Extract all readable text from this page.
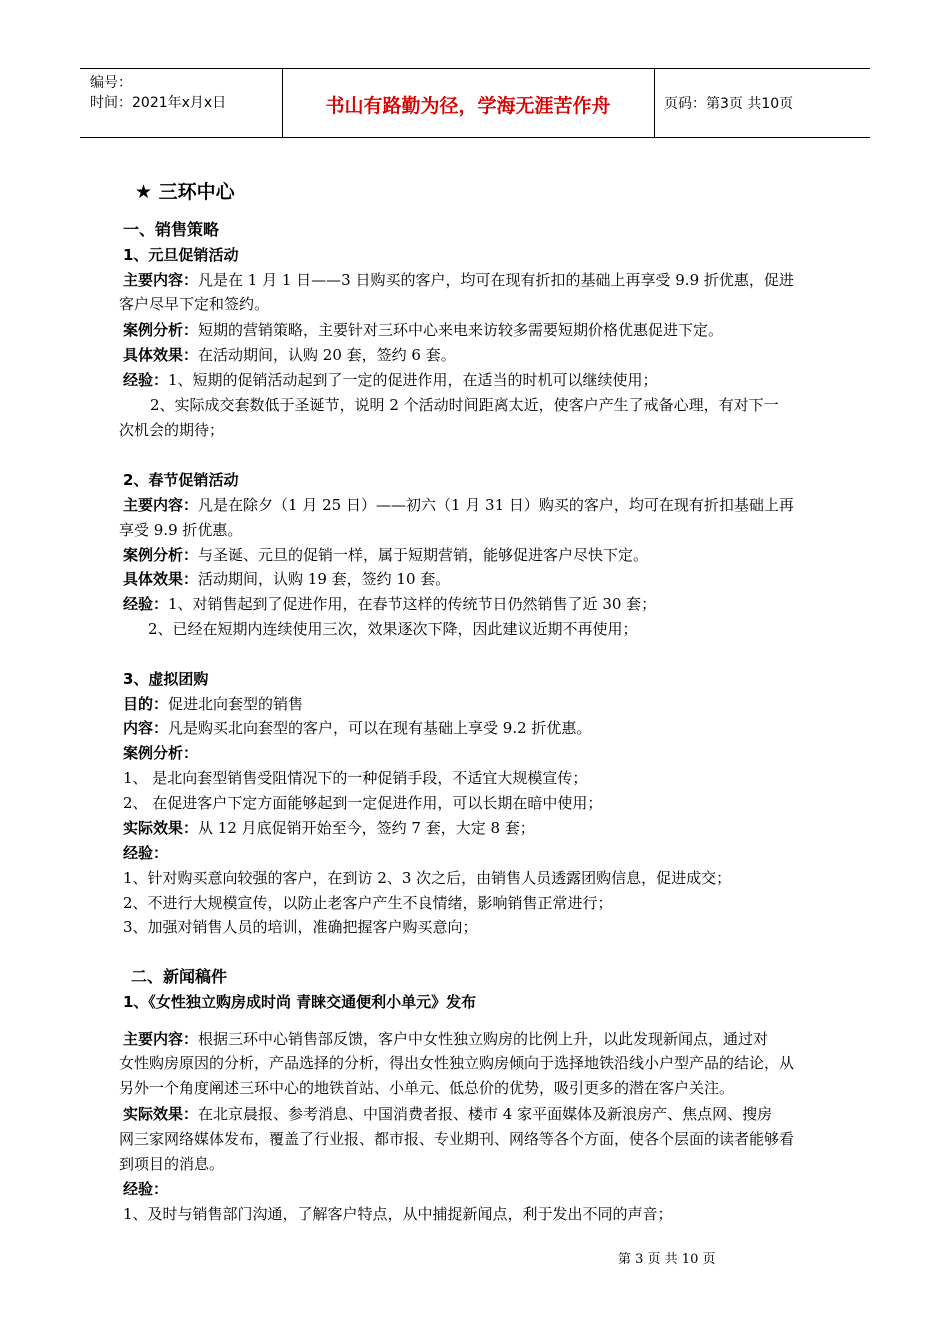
编号：
时间：2021年x月x日	书山有路勤为径，学海无涯苦作舟	页码：第3页 共10页
★ 三环中心
一、销售策略
1、元旦促销活动
主要内容：凡是在 1 月 1 日——3 日购买的客户，均可在现有折扣的基础上再享受 9.9 折优惠，促进
客户尽早下定和签约。
案例分析：短期的营销策略，主要针对三环中心来电来访较多需要短期价格优惠促进下定。
具体效果：在活动期间，认购 20 套，签约 6 套。
经验：1、短期的促销活动起到了一定的促进作用，在适当的时机可以继续使用；
2、实际成交套数低于圣诞节，说明 2 个活动时间距离太近，使客户产生了戒备心理，有对下一
次机会的期待；
2、春节促销活动
主要内容：凡是在除夕（1 月 25 日）——初六（1 月 31 日）购买的客户，均可在现有折扣基础上再
享受 9.9 折优惠。
案例分析：与圣诞、元旦的促销一样，属于短期营销，能够促进客户尽快下定。
具体效果：活动期间，认购 19 套，签约 10 套。
经验：1、对销售起到了促进作用，在春节这样的传统节日仍然销售了近 30 套；
2、已经在短期内连续使用三次，效果逐次下降，因此建议近期不再使用；
3、虚拟团购
目的：促进北向套型的销售
内容：凡是购买北向套型的客户，可以在现有基础上享受 9.2 折优惠。
案例分析：
1、 是北向套型销售受阻情况下的一种促销手段，不适宜大规模宣传；
2、 在促进客户下定方面能够起到一定促进作用，可以长期在暗中使用；
实际效果：从 12 月底促销开始至今，签约 7 套，大定 8 套；
经验：
1、针对购买意向较强的客户，在到访 2、3 次之后，由销售人员透露团购信息，促进成交；
2、不进行大规模宣传，以防止老客户产生不良情绪，影响销售正常进行；
3、加强对销售人员的培训，准确把握客户购买意向；
二、新闻稿件
1、《女性独立购房成时尚 青睐交通便利小单元》发布
主要内容：根据三环中心销售部反馈，客户中女性独立购房的比例上升，以此发现新闻点，通过对
女性购房原因的分析，产品选择的分析，得出女性独立购房倾向于选择地铁沿线小户型产品的结论，从
另外一个角度阐述三环中心的地铁首站、小单元、低总价的优势，吸引更多的潜在客户关注。
实际效果：在北京晨报、参考消息、中国消费者报、楼市 4 家平面媒体及新浪房产、焦点网、搜房
网三家网络媒体发布，覆盖了行业报、都市报、专业期刊、网络等各个方面，使各个层面的读者能够看
到项目的消息。
经验：
1、及时与销售部门沟通，了解客户特点，从中捕捉新闻点，利于发出不同的声音；
第 3 页 共 10 页
